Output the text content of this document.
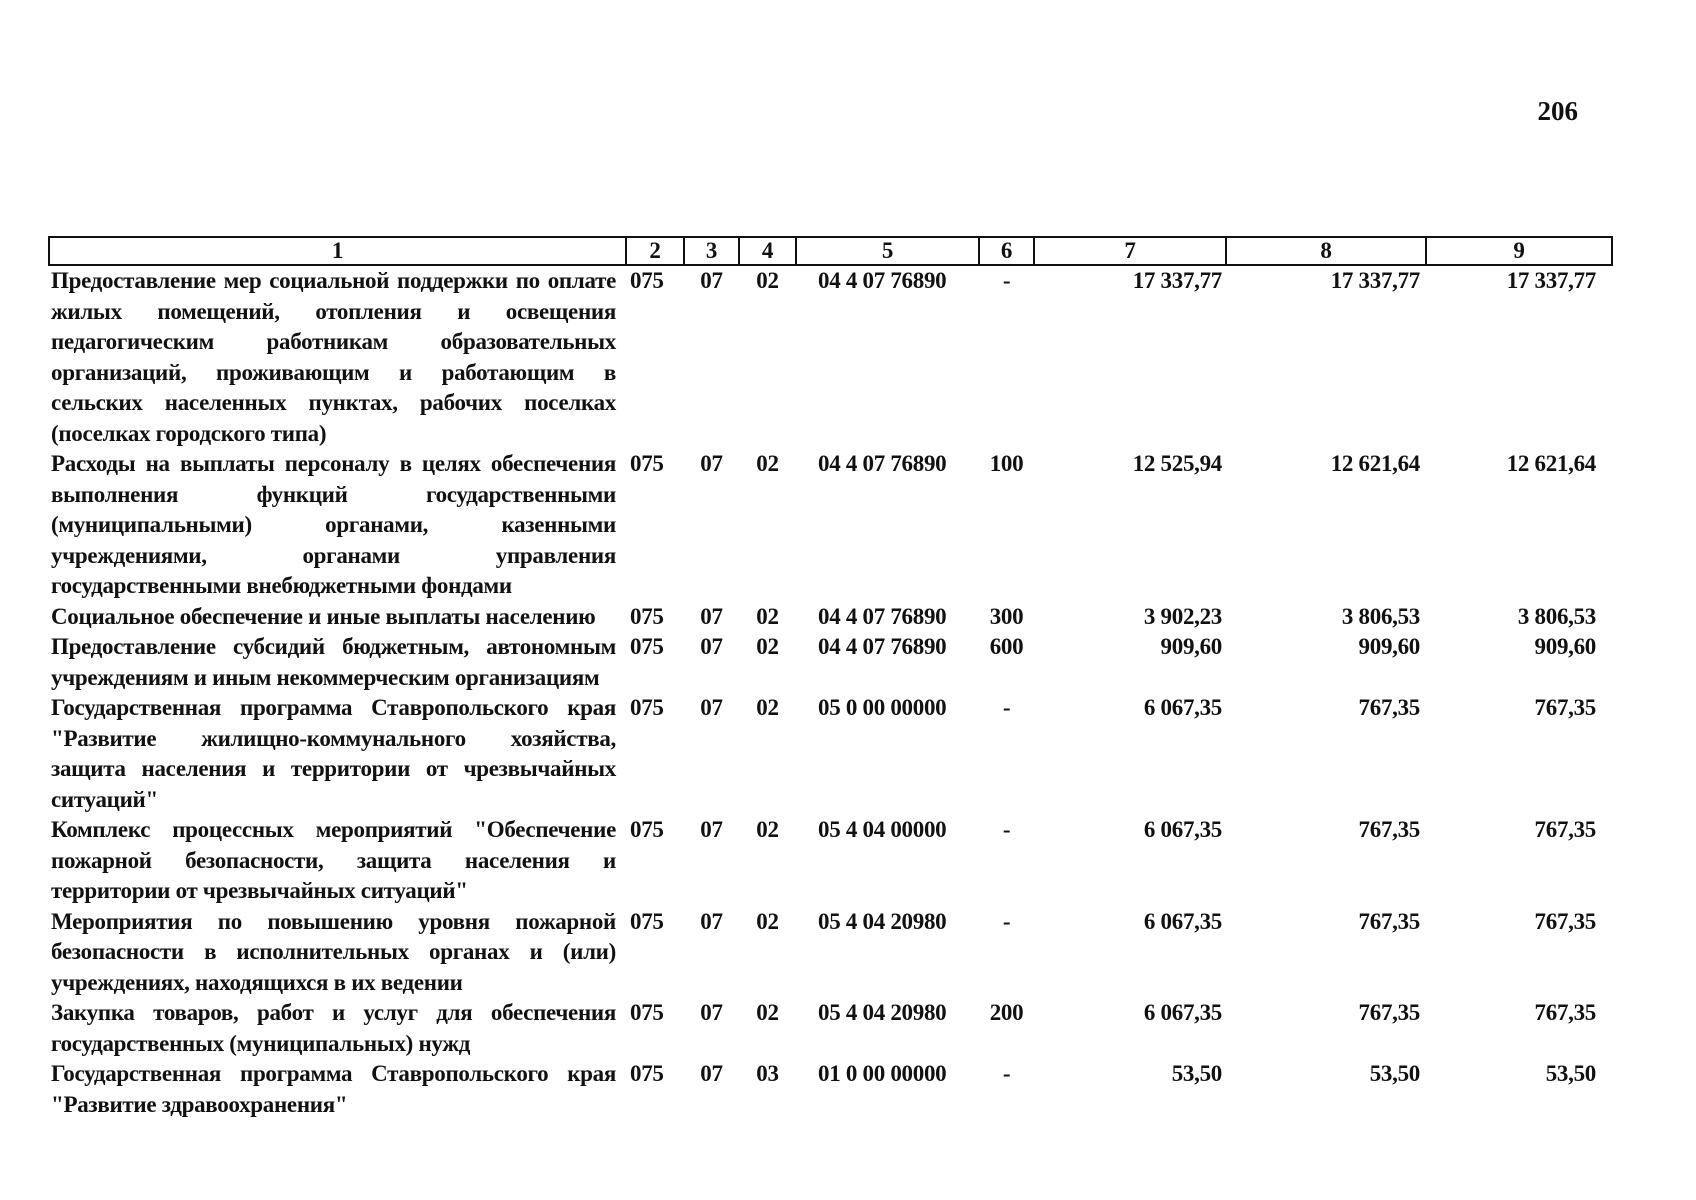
206
1	2	3	4	5	6	7	8	9
Предоставление мер социальной поддержки по оплате жилых помещений, отопления и освещения педагогическим работникам образовательных организаций, проживающим и работающим в сельских населенных пунктах, рабочих поселках (поселках городского типа)	075	07	02	04 4 07 76890	-	17 337,77	17 337,77	17 337,77
Расходы на выплаты персоналу в целях обеспечения выполнения функций государственными (муниципальными) органами, казенными учреждениями, органами управления государственными внебюджетными фондами	075	07	02	04 4 07 76890	100	12 525,94	12 621,64	12 621,64
Социальное обеспечение и иные выплаты населению	075	07	02	04 4 07 76890	300	3 902,23	3 806,53	3 806,53
Предоставление субсидий бюджетным, автономным учреждениям и иным некоммерческим организациям	075	07	02	04 4 07 76890	600	909,60	909,60	909,60
Государственная программа Ставропольского края "Развитие жилищно-коммунального хозяйства, защита населения и территории от чрезвычайных ситуаций"	075	07	02	05 0 00 00000	-	6 067,35	767,35	767,35
Комплекс процессных мероприятий "Обеспечение пожарной безопасности, защита населения и территории от чрезвычайных ситуаций"	075	07	02	05 4 04 00000	-	6 067,35	767,35	767,35
Мероприятия по повышению уровня пожарной безопасности в исполнительных органах и (или) учреждениях, находящихся в их ведении	075	07	02	05 4 04 20980	-	6 067,35	767,35	767,35
Закупка товаров, работ и услуг для обеспечения государственных (муниципальных) нужд	075	07	02	05 4 04 20980	200	6 067,35	767,35	767,35
Государственная программа Ставропольского края "Развитие здравоохранения"	075	07	03	01 0 00 00000	-	53,50	53,50	53,50
